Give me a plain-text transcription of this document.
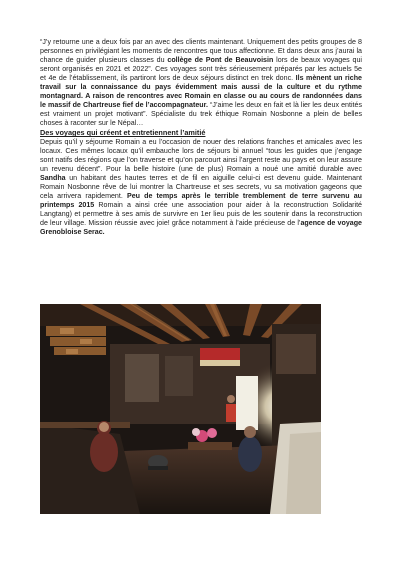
“J’y retourne une a deux fois par an avec des clients maintenant. Uniquement des petits groupes de 8 personnes en privilégiant les moments de rencontres que tous affectionne. Et dans deux ans j’aurai la chance de guider plusieurs classes du collège de Pont de Beauvoisin lors de beaux voyages qui seront organisés en 2021 et 2022”. Ces voyages sont très sérieusement préparés par les actuels 5e et 4e de l’établissement, ils partiront lors de deux séjours distinct en trek donc. Ils mènent un riche travail sur la connaissance du pays évidemment mais aussi de la culture et du rythme montagnard. A raison de rencontres avec Romain en classe ou au cours de randonnées dans le massif de Chartreuse fief de l’accompagnateur. “J’aime les deux en fait et là lier les deux entités est vraiment un projet motivant”. Spécialiste du trek éthique Romain Nosbonne a plein de belles choses à raconter sur le Népal…

Des voyages qui créent et entretiennent l’amitié

Depuis qu’il y séjourne Romain a eu l’occasion de nouer des relations franches et amicales avec les locaux. Ces mêmes locaux qu’il embauche lors de séjours bi annuel “tous les guides que j’engage sont natifs des régions que l’on traverse et qu’on parcourt ainsi l’argent reste au pays et on leur assure un revenu décent”. Pour la belle histoire (une de plus) Romain a noué une amitié durable avec Sandha un habitant des hautes terres et de fil en aiguille celui-ci est devenu guide. Maintenant Romain Nosbonne rêve de lui montrer la Chartreuse et ses secrets, vu sa motivation gageons que cela arrivera rapidement. Peu de temps après le terrible tremblement de terre survenu au printemps 2015 Romain a ainsi crée une association pour aider à la reconstruction Solidarité Langtang) et permettre à ses amis de survivre en 1er lieu puis de les soutenir dans la reconstruction de leur village. Mission réussie avec joie! grâce notamment à l’aide précieuse de l’agence de voyage Grenobloise Serac.
